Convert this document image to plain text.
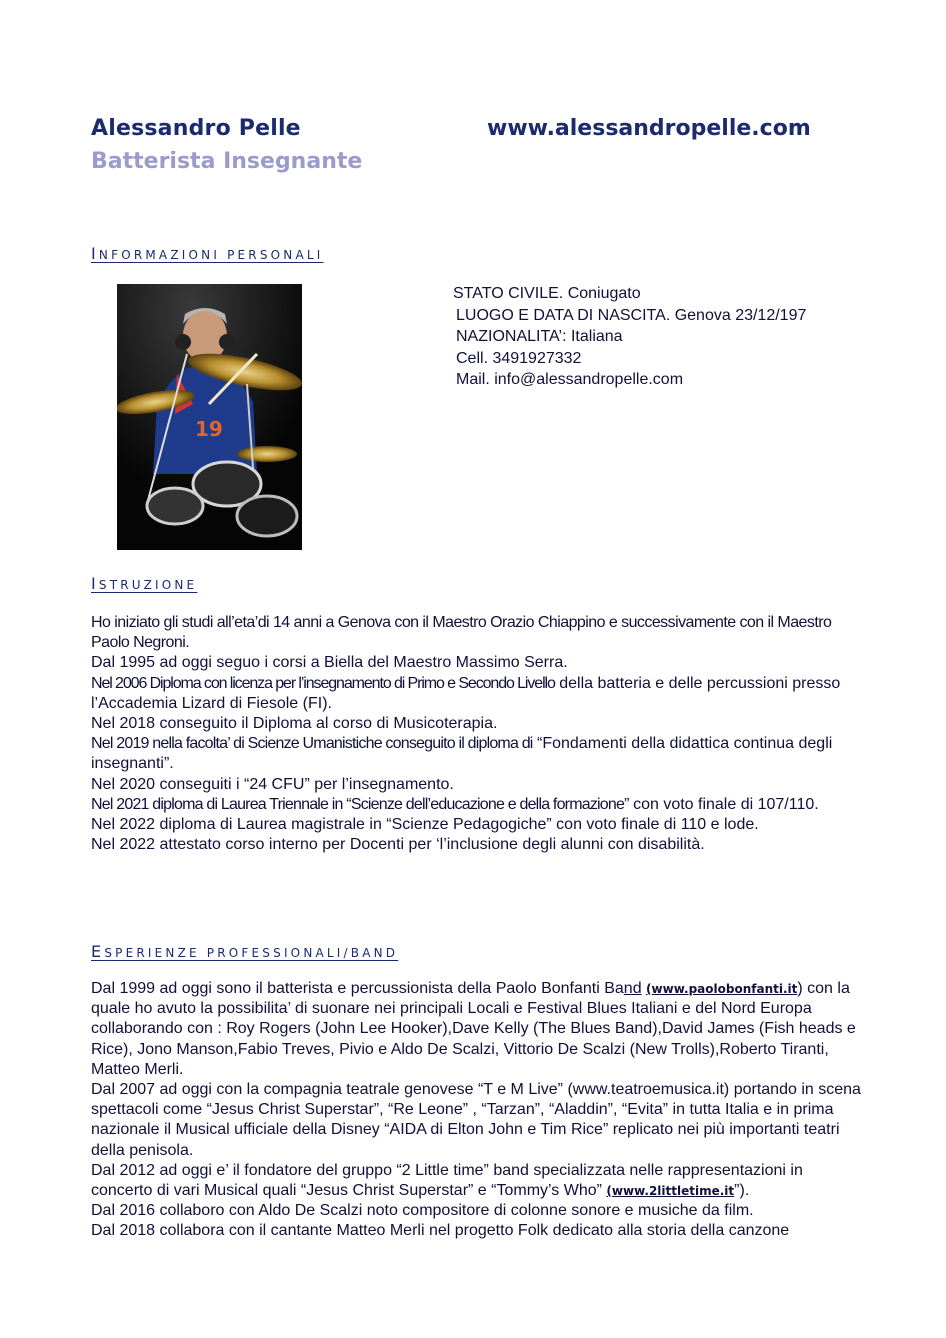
Alessandro Pelle	www.alessandropelle.com
Batterista Insegnante
INFORMAZIONI PERSONALI
19
STATO CIVILE. Coniugato
LUOGO E DATA DI NASCITA. Genova 23/12/197
NAZIONALITA’: Italiana
Cell. 3491927332
Mail. info@alessandropelle.com
ISTRUZIONE

Ho iniziato gli studi all’eta’di 14 anni a Genova con il Maestro Orazio Chiappino e successivamente con il Maestro Paolo Negroni.

Dal 1995 ad oggi seguo i corsi a Biella del Maestro Massimo Serra.

Nel 2006 Diploma con licenza per l’insegnamento di Primo e Secondo Livello della batteria e delle percussioni presso l’Accademia Lizard di Fiesole (FI).

Nel 2018 conseguito il Diploma al corso di Musicoterapia.

Nel 2019 nella facolta’ di Scienze Umanistiche conseguito il diploma di “Fondamenti della didattica continua degli insegnanti”.

Nel 2020 conseguiti i “24 CFU” per l’insegnamento.

Nel 2021 diploma di Laurea Triennale in “Scienze dell’educazione e della formazione” con voto finale di 107/110.

Nel 2022 diploma di Laurea magistrale in “Scienze Pedagogiche” con voto finale di 110 e lode.

Nel 2022 attestato corso interno per Docenti per ‘l’inclusione degli alunni con disabilità.

ESPERIENZE PROFESSIONALI/BAND

Dal 1999 ad oggi sono il batterista e percussionista della Paolo Bonfanti Band (www.paolobonfanti.it) con la quale ho avuto la possibilita’ di suonare nei principali Locali e Festival Blues Italiani e del Nord Europa collaborando con : Roy Rogers (John Lee Hooker),Dave Kelly (The Blues Band),David James (Fish heads e Rice), Jono Manson,Fabio Treves, Pivio e Aldo De Scalzi, Vittorio De Scalzi (New Trolls),Roberto Tiranti, Matteo Merli.

Dal 2007 ad oggi con la compagnia teatrale genovese “T e M Live” (www.teatroemusica.it) portando in scena spettacoli come “Jesus Christ Superstar”, “Re Leone” , “Tarzan”, “Aladdin”, “Evita” in tutta Italia e in prima nazionale il Musical ufficiale della Disney “AIDA di Elton John e Tim Rice” replicato nei più importanti teatri della penisola.

Dal 2012 ad oggi e’ il fondatore del gruppo “2 Little time” band specializzata nelle rappresentazioni in concerto di vari Musical quali “Jesus Christ Superstar” e “Tommy’s Who” (www.2littletime.it”).

Dal 2016 collaboro con Aldo De Scalzi noto compositore di colonne sonore e musiche da film.

Dal 2018 collabora con il cantante Matteo Merli nel progetto Folk dedicato alla storia della canzone
